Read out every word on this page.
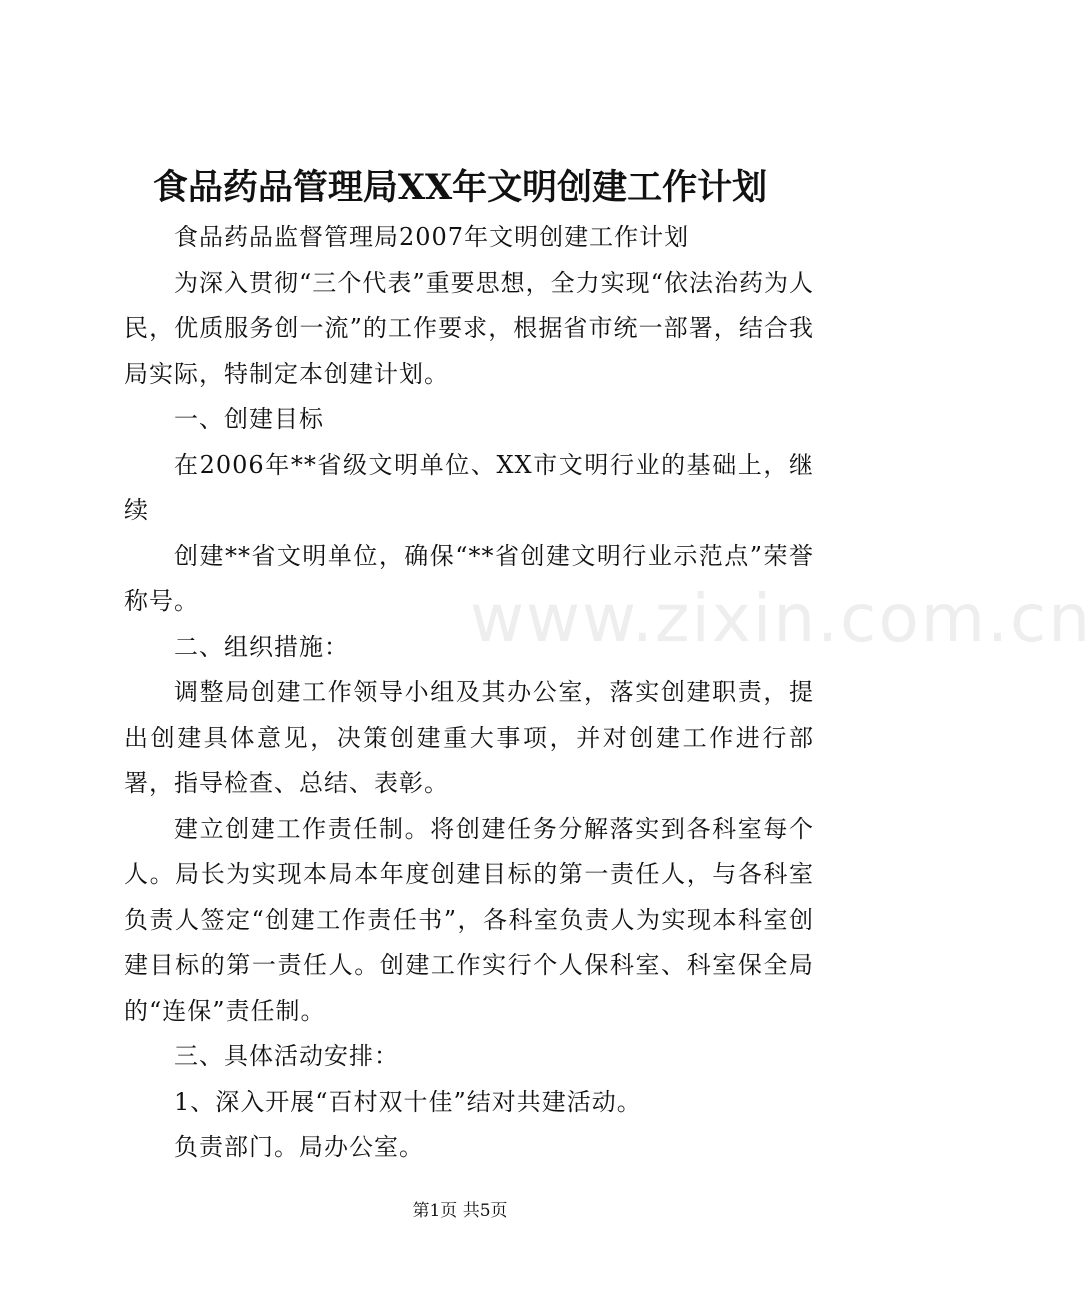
www.zixin.com.cn
食品药品管理局XX年文明创建工作计划

食品药品监督管理局2007年文明创建工作计划

为深入贯彻“三个代表”重要思想，全力实现“依法治药为人民，优质服务创一流”的工作要求，根据省市统一部署，结合我局实际，特制定本创建计划。

一、创建目标

在2006年**省级文明单位、XX市文明行业的基础上，继续

创建**省文明单位，确保“**省创建文明行业示范点”荣誉称号。

二、组织措施：

调整局创建工作领导小组及其办公室，落实创建职责，提出创建具体意见，决策创建重大事项，并对创建工作进行部署，指导检查、总结、表彰。

建立创建工作责任制。将创建任务分解落实到各科室每个人。局长为实现本局本年度创建目标的第一责任人，与各科室负责人签定“创建工作责任书”，各科室负责人为实现本科室创建目标的第一责任人。创建工作实行个人保科室、科室保全局的“连保”责任制。

三、具体活动安排：

1、深入开展“百村双十佳”结对共建活动。

负责部门。局办公室。

第1页 共5页
